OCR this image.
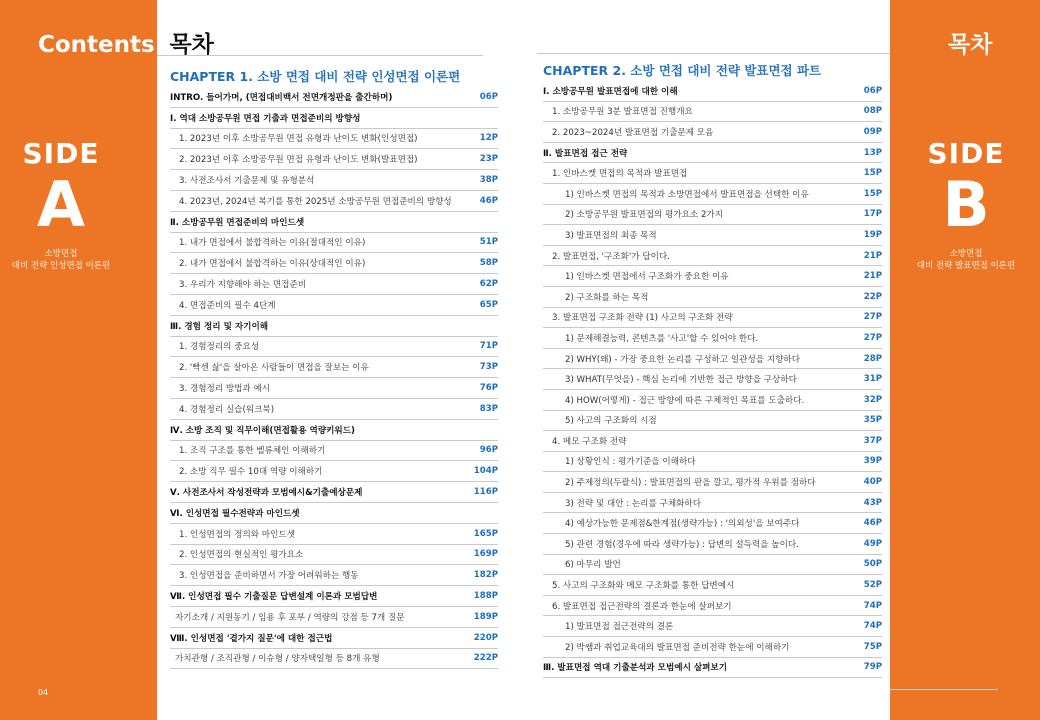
Contents. 목차	목차
SIDE
A
소방면접
대비 전략 인성면접 이론편
SIDE
B
소방면접
대비 전략 발표면접 이론편
04
CHAPTER 1. 소방 면접 대비 전략 인성면접 이론편	CHAPTER 2. 소방 면접 대비 전략 발표면접 파트
INTRO. 들어가며, (면접대비백서 전면개정판을 출간하며)	06P
Ⅰ. 역대 소방공무원 면접 기출과 면접준비의 방향성
1. 2023년 이후 소방공무원 면접 유형과 난이도 변화(인성면접)	12P
2. 2023년 이후 소방공무원 면접 유형과 난이도 변화(발표면접)	23P
3. 사전조사서 기출문제 및 유형분석	38P
4. 2023년, 2024년 복기를 통한 2025년 소방공무원 면접준비의 방향성	46P
Ⅱ. 소방공무원 면접준비의 마인드셋
1. 내가 면접에서 불합격하는 이유(절대적인 이유)	51P
2. 내가 면접에서 불합격하는 이유(상대적인 이유)	58P
3. 우리가 지향해야 하는 면접준비	62P
4. 면접준비의 필수 4단계	65P
Ⅲ. 경험 정리 및 자기이해
1. 경험정리의 중요성	71P
2. '빡센 삶'을 살아온 사람들이 면접을 잘보는 이유	73P
3. 경험정리 방법과 예시	76P
4. 경험정리 실습(워크북)	83P
Ⅳ. 소방 조직 및 직무이해(면접활용 역량키워드)
1. 조직 구조를 통한 벨류체인 이해하기	96P
2. 소방 직무 필수 10대 역량 이해하기	104P
Ⅴ. 사전조사서 작성전략과 모범예시&기출예상문제	116P
Ⅵ. 인성면접 필수전략과 마인드셋
1. 인성면접의 정의와 마인드셋	165P
2. 인성면접의 현실적인 평가요소	169P
3. 인성면접을 준비하면서 가장 어려워하는 행동	182P
Ⅶ. 인성면접 필수 기출질문 답변설계 이론과 모범답변	188P
자기소개 / 지원동기 / 임용 후 포부 / 역량의 강점 등 7개 질문	189P
Ⅷ. 인성면접 '곁가지 질문'에 대한 접근법	220P
가치관형 / 조직관형 / 이슈형 / 양자택일형 등 8개 유형	222P
Ⅰ. 소방공무원 발표면접에 대한 이해	06P
1. 소방공무원 3분 발표면접 진행개요	08P
2. 2023~2024년 발표면접 기출문제 모음	09P
Ⅱ. 발표면접 접근 전략	13P
1. 인바스켓 면접의 목적과 발표면접	15P
1) 인바스켓 면접의 목적과 소방면접에서 발표면접을 선택한 이유	15P
2) 소방공무원 발표면접의 평가요소 2가지	17P
3) 발표면접의 최종 목적	19P
2. 발표면접, '구조화'가 답이다.	21P
1) 인바스켓 면접에서 구조화가 중요한 이유	21P
2) 구조화를 하는 목적	22P
3. 발표면접 구조화 전략 (1) 사고의 구조화 전략	27P
1) 문제해결능력, 콘텐츠를 '사고'할 수 있어야 한다.	27P
2) WHY(왜) - 가장 중요한 논리를 구성하고 일관성을 지향하다	28P
3) WHAT(무엇을) - 핵심 논리에 기반한 접근 방향을 구상하다	31P
4) HOW(어떻게) - 접근 방향에 따른 구체적인 목표를 도출하다.	32P
5) 사고의 구조화의 시점	35P
4. 메모 구조화 전략	37P
1) 상황인식 : 평가기준을 이해하다	39P
2) 주제정의(두괄식) : 발표면접의 판을 깔고, 평가적 우위를 점하다	40P
3) 전략 및 대안 : 논리를 구체화하다	43P
4) 예상가능한 문제점&한계점(생략가능) : '의외성'을 보여주다	46P
5) 관련 경험(경우에 따라 생략가능) : 답변의 설득력을 높이다.	49P
6) 마무리 발언	50P
5. 사고의 구조화와 메모 구조화를 통한 답변예시	52P
6. 발표면접 접근전략의 결론과 한눈에 살펴보기	74P
1) 발표면접 접근전략의 결론	74P
2) 박쌤과 취업교육대의 발표면접 준비전략 한눈에 이해하기	75P
Ⅲ. 발표면접 역대 기출분석과 모범예시 살펴보기	79P
